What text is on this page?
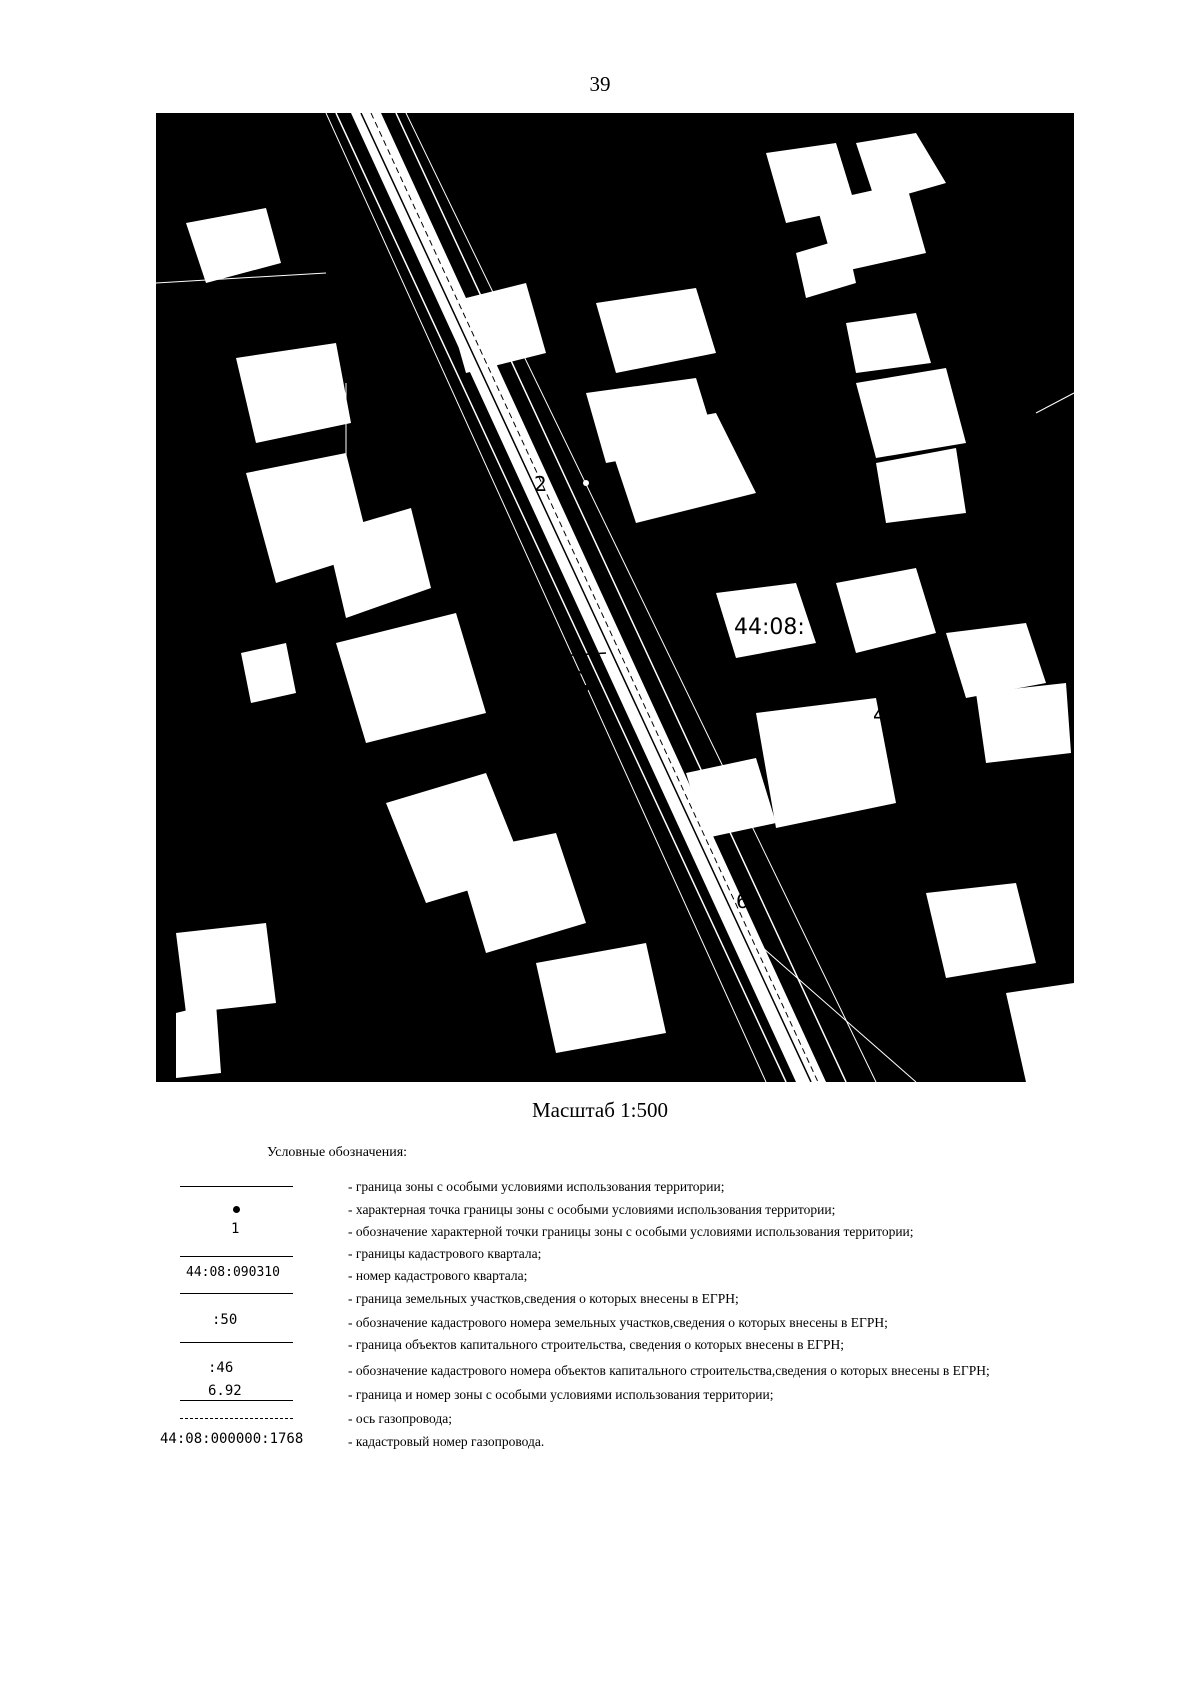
39
44:08:090308
44:08:
9
2
49
6
Масштаб 1:500
Условные обозначения:
- граница зоны с особыми условиями использования территории;
- характерная точка границы зоны с особыми условиями использования территории;
1	- обозначение характерной точки границы зоны с особыми условиями использования территории;
- границы кадастрового квартала;
44:08:090310	- номер кадастрового квартала;
- граница земельных участков,сведения о которых внесены в ЕГРН;
:50	- обозначение кадастрового номера земельных участков,сведения о которых внесены в ЕГРН;
- граница объектов капитального строительства, сведения о которых внесены в ЕГРН;
:46	- обозначение кадастрового номера объектов капитального строительства,сведения о которых внесены в ЕГРН;
6.92	- граница и номер зоны с особыми условиями использования территории;
- ось газопровода;
44:08:000000:1768	- кадастровый номер газопровода.
